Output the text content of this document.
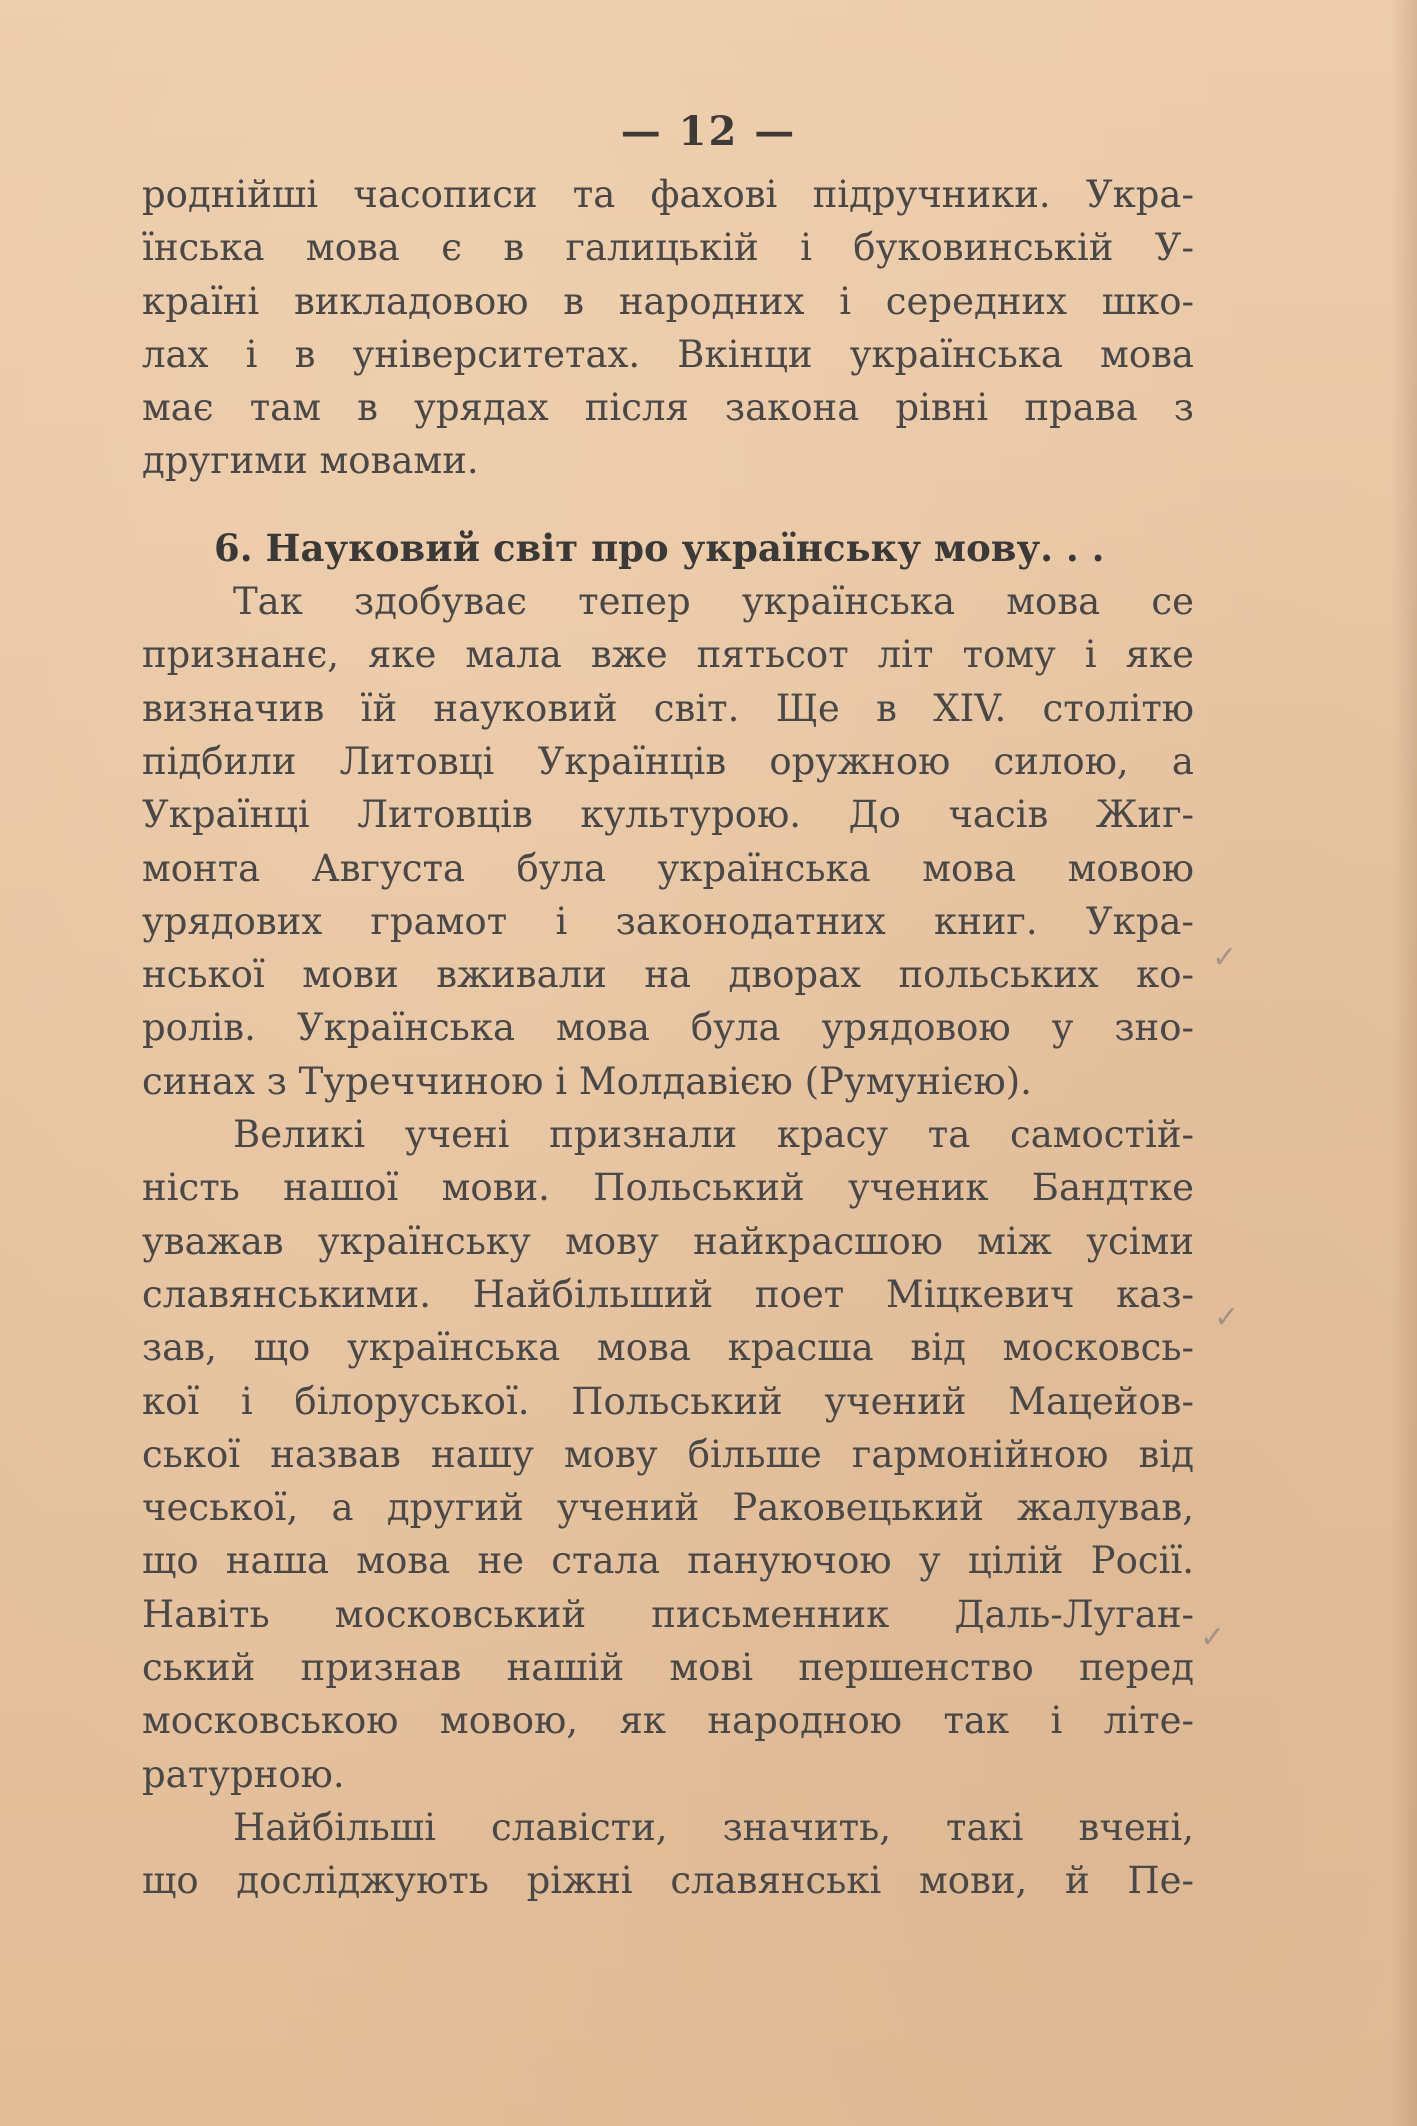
— 12 —
роднійші часописи та фахові підручники. Укра-
їнська мова є в галицькій і буковинській У-
країні викладовою в народних і середних шко-
лах і в університетах. Вкінци українська мова
має там в урядах після закона рівні права з
другими мовами.
6. Науковий світ про українську мову. . .
Так здобуває тепер українська мова се
признанє, яке мала вже пятьсот літ тому і яке
визначив їй науковий світ. Ще в XIV. столітю
підбили Литовці Українців оружною силою, а
Українці Литовців культурою. До часів Жиг-
монта Августа була українська мова мовою
урядових грамот і законодатних книг. Укра-
нської мови вживали на дворах польських ко-
ролів. Українська мова була урядовою у зно-
синах з Туреччиною і Молдавією (Румунією).
Великі учені признали красу та самостій-
ність нашої мови. Польський ученик Бандтке
уважав українську мову найкрасшою між усіми
славянськими. Найбільший поет Міцкевич каз-
зав, що українська мова красша від московсь-
кої і білоруської. Польський учений Мацейов-
ської назвав нашу мову більше гармонійною від
чеської, а другий учений Раковецький жалував,
що наша мова не стала пануючою у цілій Росії.
Навіть московський письменник Даль-Луган-
ський признав нашій мові першенство перед
московською мовою, як народною так і літе-
ратурною.
Найбільші славісти, значить, такі вчені,
що досліджують ріжні славянські мови, й Пе-
✓
✓
✓
